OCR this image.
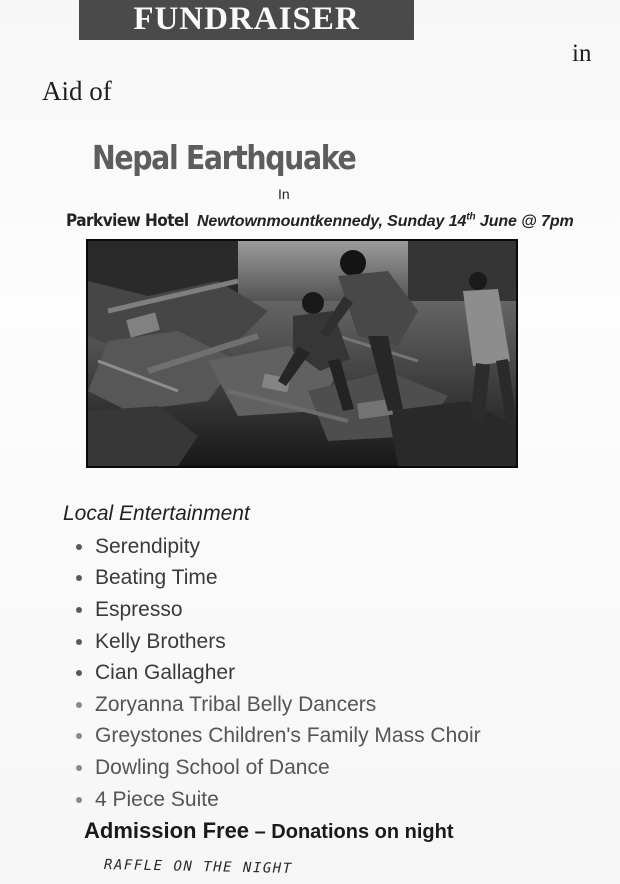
FUNDRAISER
in
Aid of
Nepal Earthquake
In
Parkview Hotel Newtownmountkennedy, Sunday 14th June @ 7pm
Local Entertainment
Serendipity
Beating Time
Espresso
Kelly Brothers
Cian Gallagher
Zoryanna Tribal Belly Dancers
Greystones Children's Family Mass Choir
Dowling School of Dance
4 Piece Suite
Admission Free – Donations on night
RAFFLE ON THE NIGHT
